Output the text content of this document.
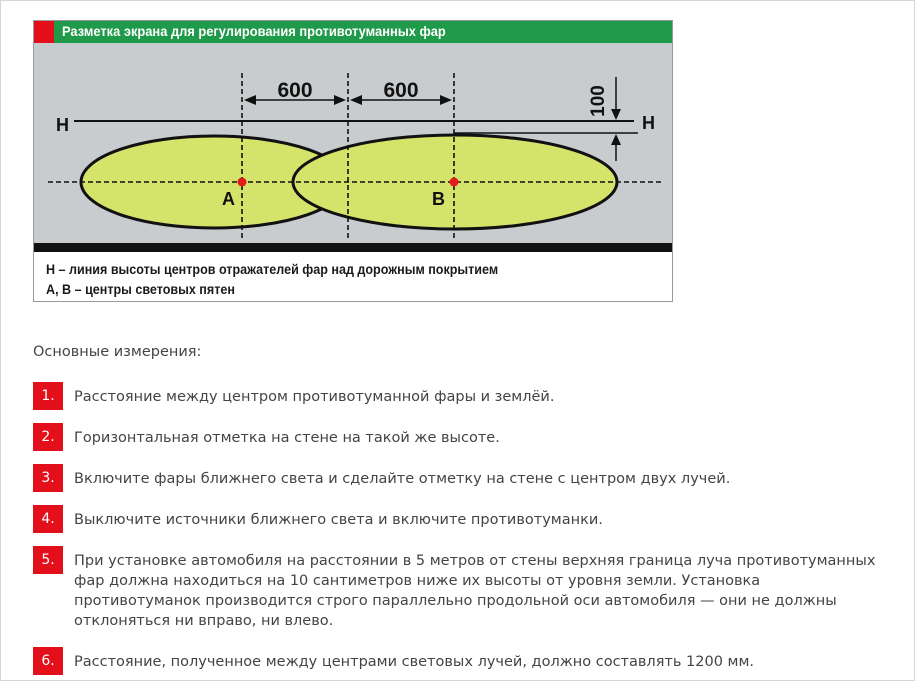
600	600	100
Н	Н
А	В
Разметка экрана для регулирования противотуманных фар
Н – линия высоты центров отражателей фар над дорожным покрытием
А, В – центры световых пятен
Основные измерения:
1.	Расстояние между центром противотуманной фары и землёй.
2.	Горизонтальная отметка на стене на такой же высоте.
3.	Включите фары ближнего света и сделайте отметку на стене с центром двух лучей.
4.	Выключите источники ближнего света и включите противотуманки.
5.	При установке автомобиля на расстоянии в 5 метров от стены верхняя граница луча противотуманных фар должна находиться на 10 сантиметров ниже их высоты от уровня земли. Установка противотуманок производится строго параллельно продольной оси автомобиля — они не должны отклоняться ни вправо, ни влево.
6.	Расстояние, полученное между центрами световых лучей, должно составлять 1200 мм.
